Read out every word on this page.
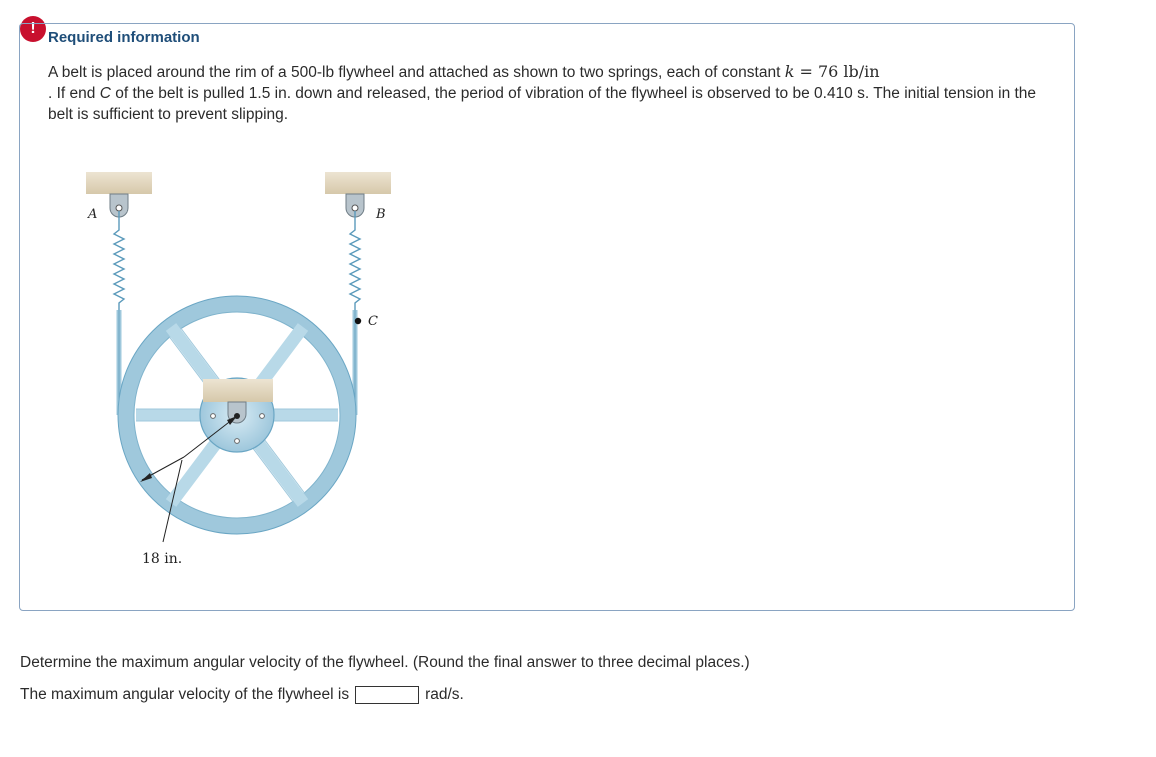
!
Required information
A belt is placed around the rim of a 500-lb flywheel and attached as shown to two springs, each of constant k = 76 lb/in
. If end C of the belt is pulled 1.5 in. down and released, the period of vibration of the flywheel is observed to be 0.410 s. The initial tension in the belt is sufficient to prevent slipping.
A	B
C
18 in.
Determine the maximum angular velocity of the flywheel. (Round the final answer to three decimal places.)
The maximum angular velocity of the flywheel is	rad/s.
